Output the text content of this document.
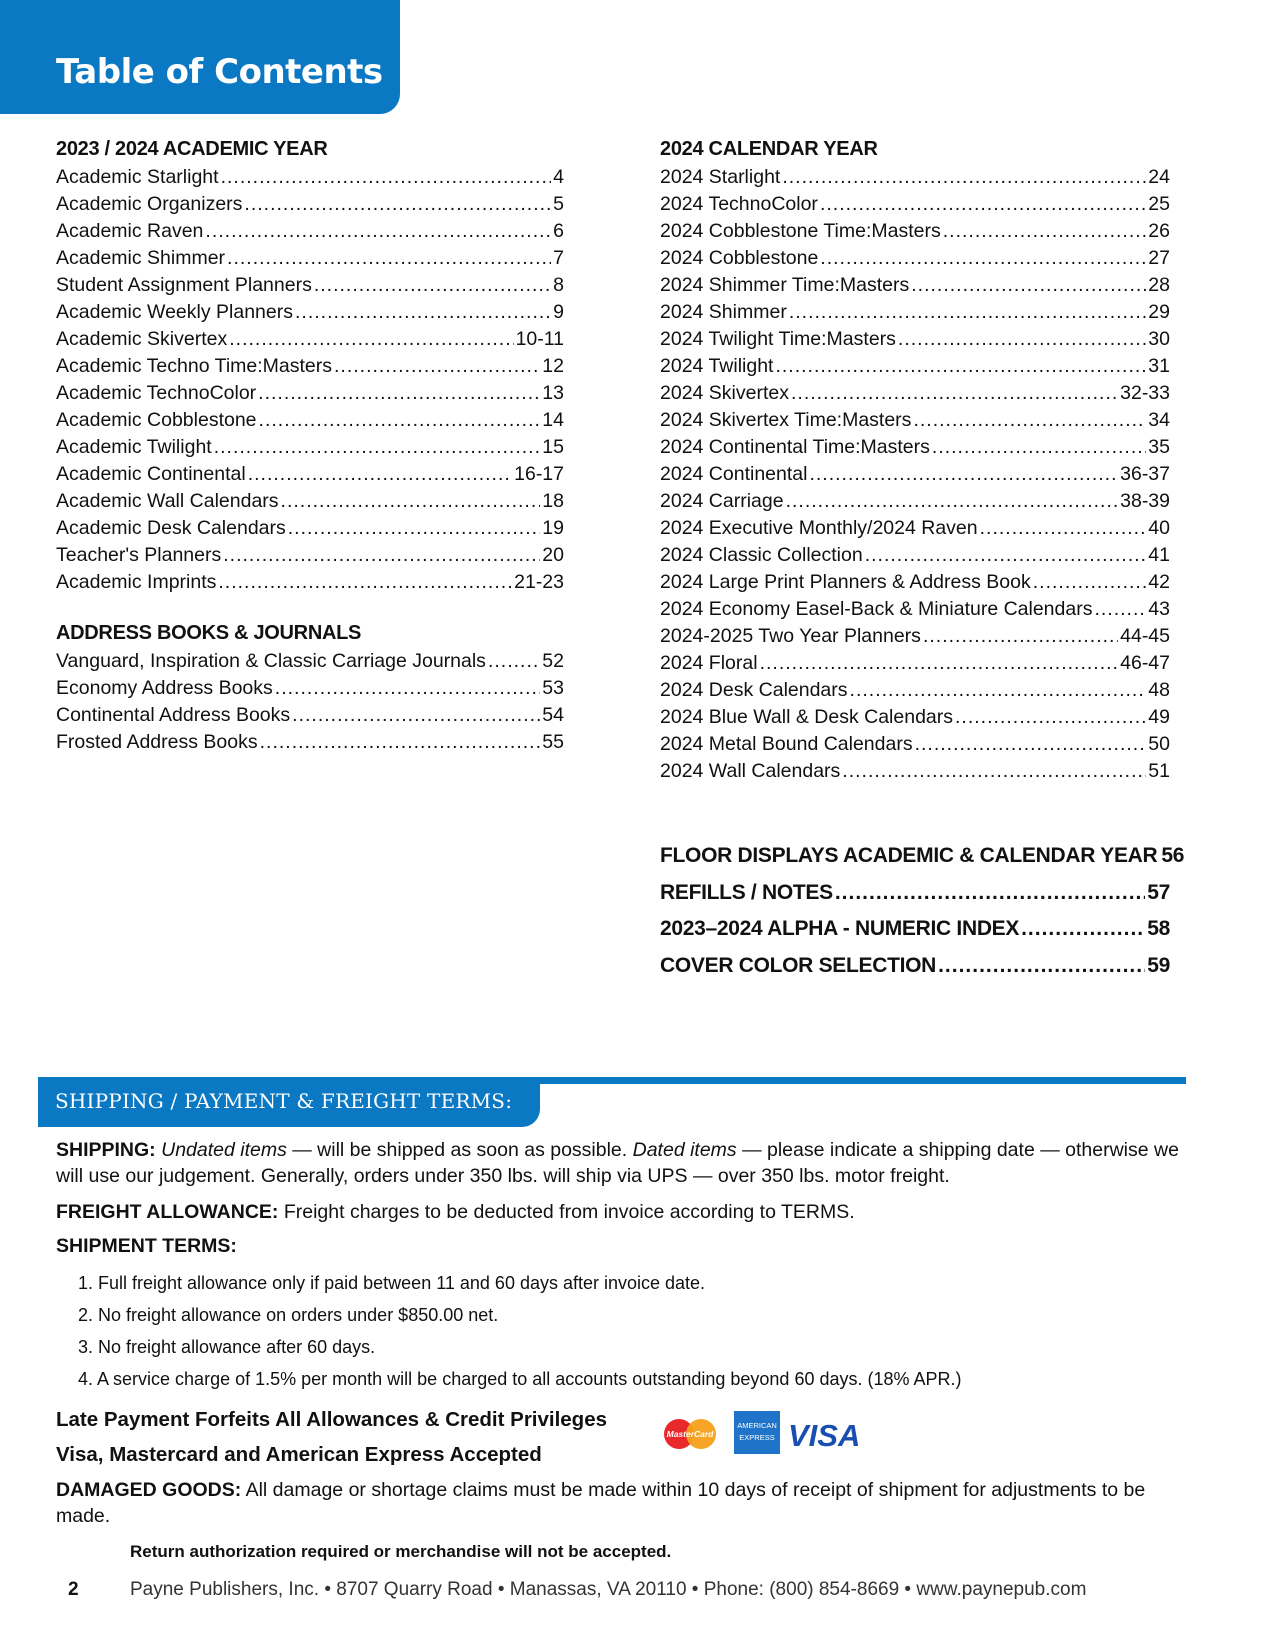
Table of Contents
2023 / 2024 ACADEMIC YEAR
Academic Starlight .....	4
Academic Organizers .....	5
Academic Raven .....	6
Academic Shimmer .....	7
Student Assignment Planners .....	8
Academic Weekly Planners .....	9
Academic Skivertex .....	10-11
Academic Techno Time:Masters .....	12
Academic TechnoColor .....	13
Academic Cobblestone .....	14
Academic Twilight .....	15
Academic Continental .....	16-17
Academic Wall Calendars .....	18
Academic Desk Calendars .....	19
Teacher's Planners .....	20
Academic Imprints .....	21-23
ADDRESS BOOKS & JOURNALS
Vanguard, Inspiration & Classic Carriage Journals .....	52
Economy Address Books .....	53
Continental Address Books .....	54
Frosted Address Books .....	55
2024 CALENDAR YEAR
2024 Starlight .....	24
2024 TechnoColor .....	25
2024 Cobblestone Time:Masters .....	26
2024 Cobblestone .....	27
2024 Shimmer Time:Masters .....	28
2024 Shimmer .....	29
2024 Twilight Time:Masters .....	30
2024 Twilight .....	31
2024 Skivertex .....	32-33
2024 Skivertex Time:Masters .....	34
2024 Continental Time:Masters .....	35
2024 Continental .....	36-37
2024 Carriage .....	38-39
2024 Executive Monthly/2024 Raven .....	40
2024 Classic Collection .....	41
2024 Large Print Planners & Address Book .....	42
2024 Economy Easel-Back & Miniature Calendars .....	43
2024-2025 Two Year Planners .....	44-45
2024 Floral .....	46-47
2024 Desk Calendars .....	48
2024 Blue Wall & Desk Calendars .....	49
2024 Metal Bound Calendars .....	50
2024 Wall Calendars .....	51
FLOOR DISPLAYS ACADEMIC & CALENDAR YEAR 56
REFILLS / NOTES .....	57
2023–2024 ALPHA - NUMERIC INDEX .....	58
COVER COLOR SELECTION .....	59
SHIPPING / PAYMENT & FREIGHT TERMS:

SHIPPING: Undated items — will be shipped as soon as possible. Dated items — please indicate a shipping date — otherwise we will use our judgement. Generally, orders under 350 lbs. will ship via UPS — over 350 lbs. motor freight.

FREIGHT ALLOWANCE: Freight charges to be deducted from invoice according to TERMS.

SHIPMENT TERMS:

1. Full freight allowance only if paid between 11 and 60 days after invoice date.
2. No freight allowance on orders under $850.00 net.
3. No freight allowance after 60 days.
4. A service charge of 1.5% per month will be charged to all accounts outstanding beyond 60 days. (18% APR.)

Late Payment Forfeits All Allowances & Credit Privileges

Visa, Mastercard and American Express Accepted

DAMAGED GOODS: All damage or shortage claims must be made within 10 days of receipt of shipment for adjustments to be made.

MasterCard
AMERICAN
EXPRESS VISA
Return authorization required or merchandise will not be accepted.
2	Payne Publishers, Inc. • 8707 Quarry Road • Manassas, VA 20110 • Phone: (800) 854-8669 • www.paynepub.com
